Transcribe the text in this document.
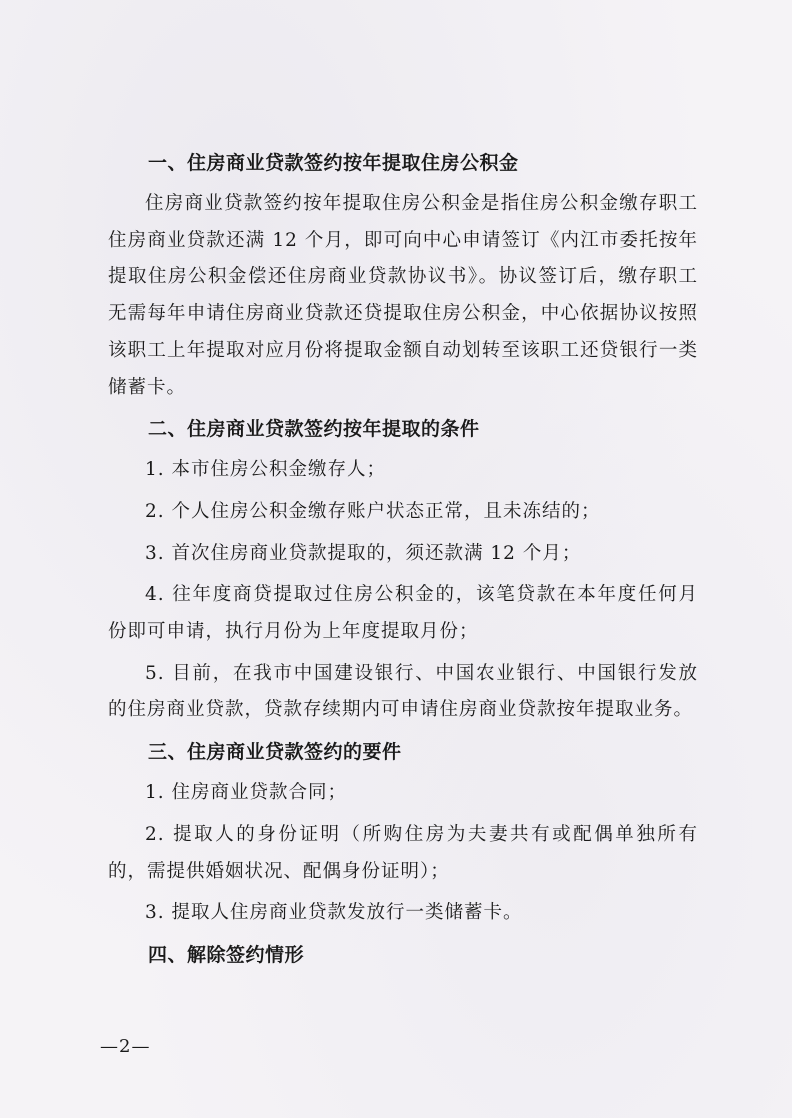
一、住房商业贷款签约按年提取住房公积金

住房商业贷款签约按年提取住房公积金是指住房公积金缴存职工住房商业贷款还满 12 个月，即可向中心申请签订《内江市委托按年提取住房公积金偿还住房商业贷款协议书》。协议签订后，缴存职工无需每年申请住房商业贷款还贷提取住房公积金，中心依据协议按照该职工上年提取对应月份将提取金额自动划转至该职工还贷银行一类储蓄卡。

二、住房商业贷款签约按年提取的条件

1. 本市住房公积金缴存人；

2. 个人住房公积金缴存账户状态正常，且未冻结的；

3. 首次住房商业贷款提取的，须还款满 12 个月；

4. 往年度商贷提取过住房公积金的，该笔贷款在本年度任何月份即可申请，执行月份为上年度提取月份；

5. 目前，在我市中国建设银行、中国农业银行、中国银行发放的住房商业贷款，贷款存续期内可申请住房商业贷款按年提取业务。

三、住房商业贷款签约的要件

1. 住房商业贷款合同；

2. 提取人的身份证明（所购住房为夫妻共有或配偶单独所有的，需提供婚姻状况、配偶身份证明）；

3. 提取人住房商业贷款发放行一类储蓄卡。

四、解除签约情形
—2—
